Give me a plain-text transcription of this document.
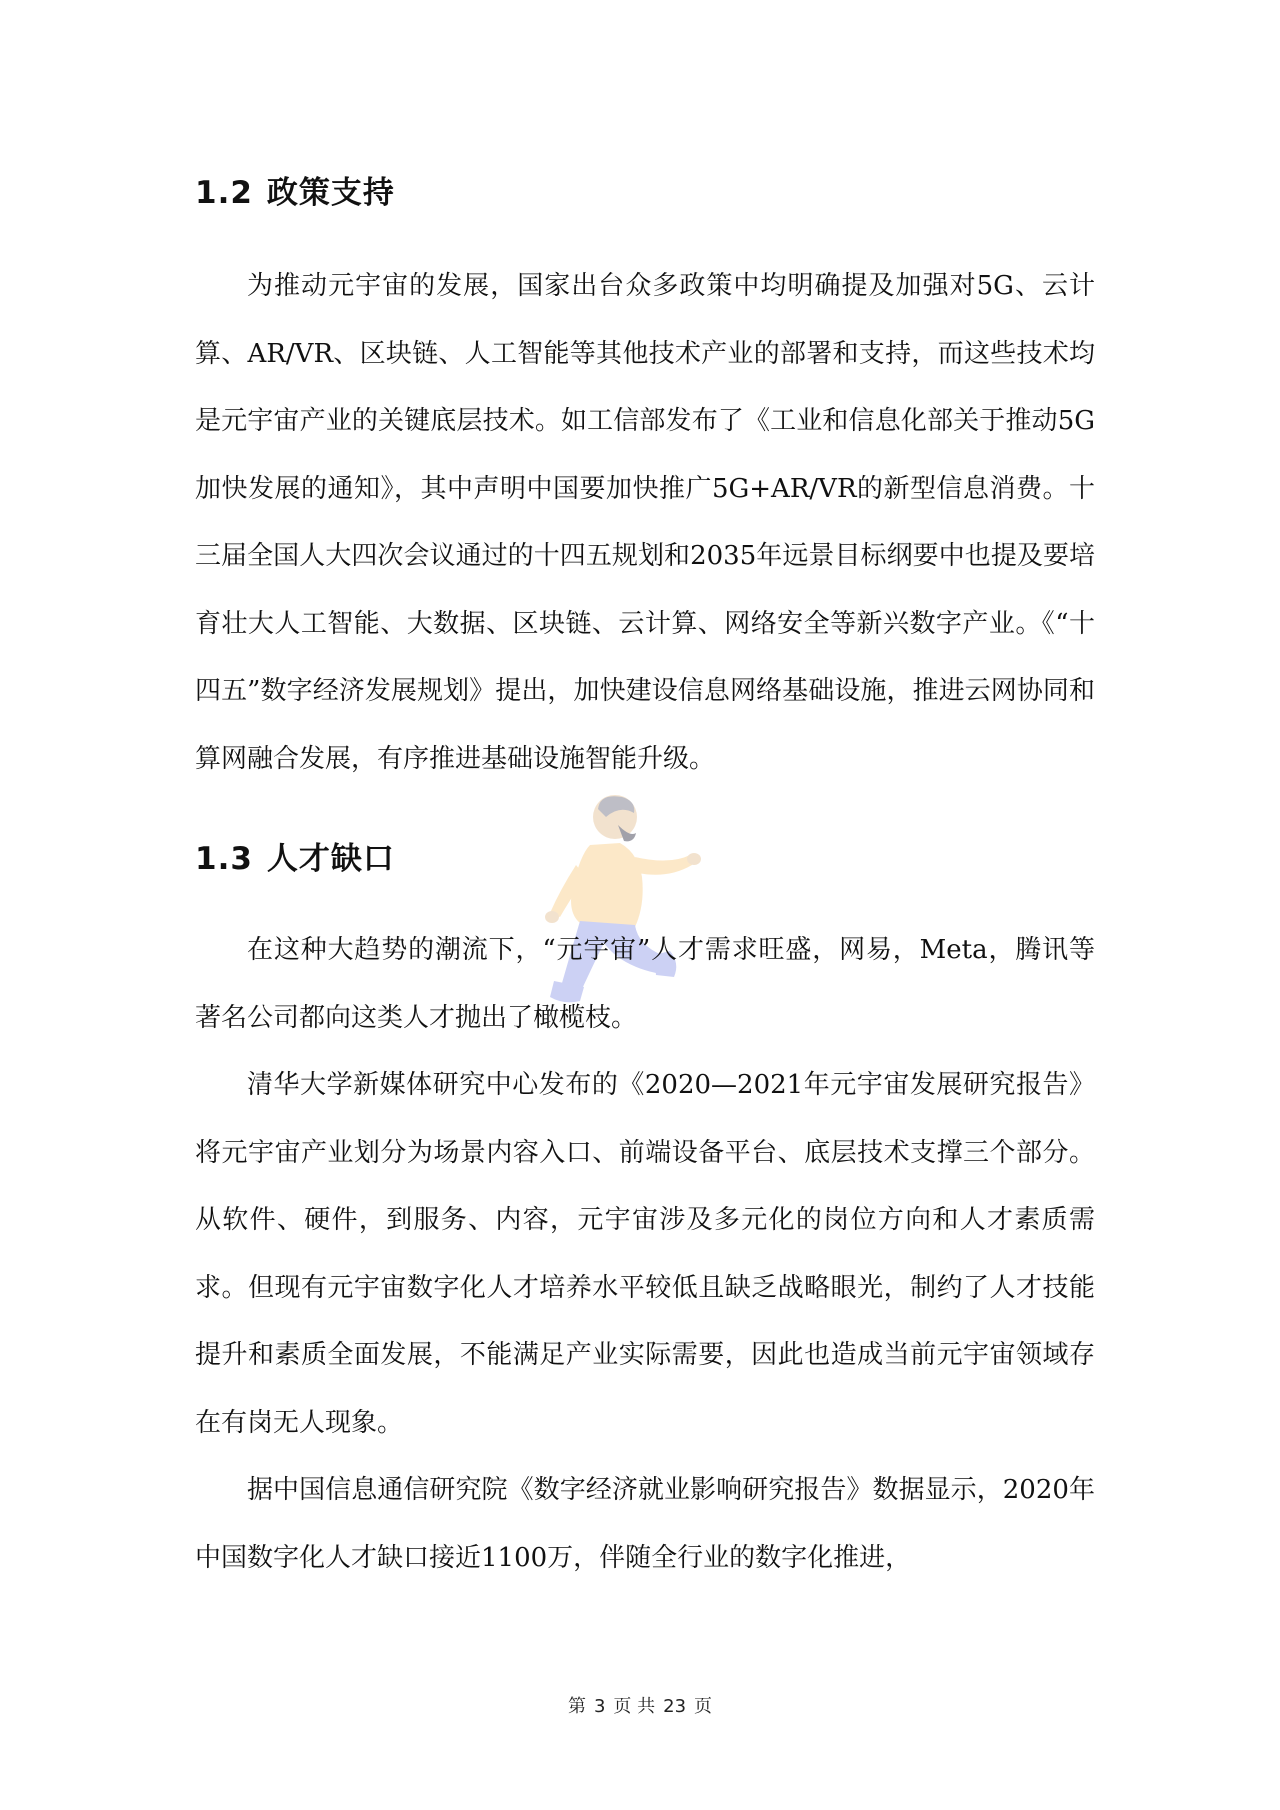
1.2 政策支持

为推动元宇宙的发展，国家出台众多政策中均明确提及加强对5G、云计算、AR/VR、区块链、人工智能等其他技术产业的部署和支持，而这些技术均是元宇宙产业的关键底层技术。如工信部发布了《工业和信息化部关于推动5G加快发展的通知》，其中声明中国要加快推广5G+AR/VR的新型信息消费。十三届全国人大四次会议通过的十四五规划和2035年远景目标纲要中也提及要培育壮大人工智能、大数据、区块链、云计算、网络安全等新兴数字产业。《“十四五”数字经济发展规划》提出，加快建设信息网络基础设施，推进云网协同和算网融合发展，有序推进基础设施智能升级。

1.3 人才缺口

在这种大趋势的潮流下，“元宇宙”人才需求旺盛，网易，Meta，腾讯等著名公司都向这类人才抛出了橄榄枝。

清华大学新媒体研究中心发布的《2020—2021年元宇宙发展研究报告》将元宇宙产业划分为场景内容入口、前端设备平台、底层技术支撑三个部分。从软件、硬件，到服务、内容，元宇宙涉及多元化的岗位方向和人才素质需求。但现有元宇宙数字化人才培养水平较低且缺乏战略眼光，制约了人才技能提升和素质全面发展，不能满足产业实际需要，因此也造成当前元宇宙领域存在有岗无人现象。

据中国信息通信研究院《数字经济就业影响研究报告》数据显示，2020年中国数字化人才缺口接近1100万，伴随全行业的数字化推进，

第 3 页 共 23 页
